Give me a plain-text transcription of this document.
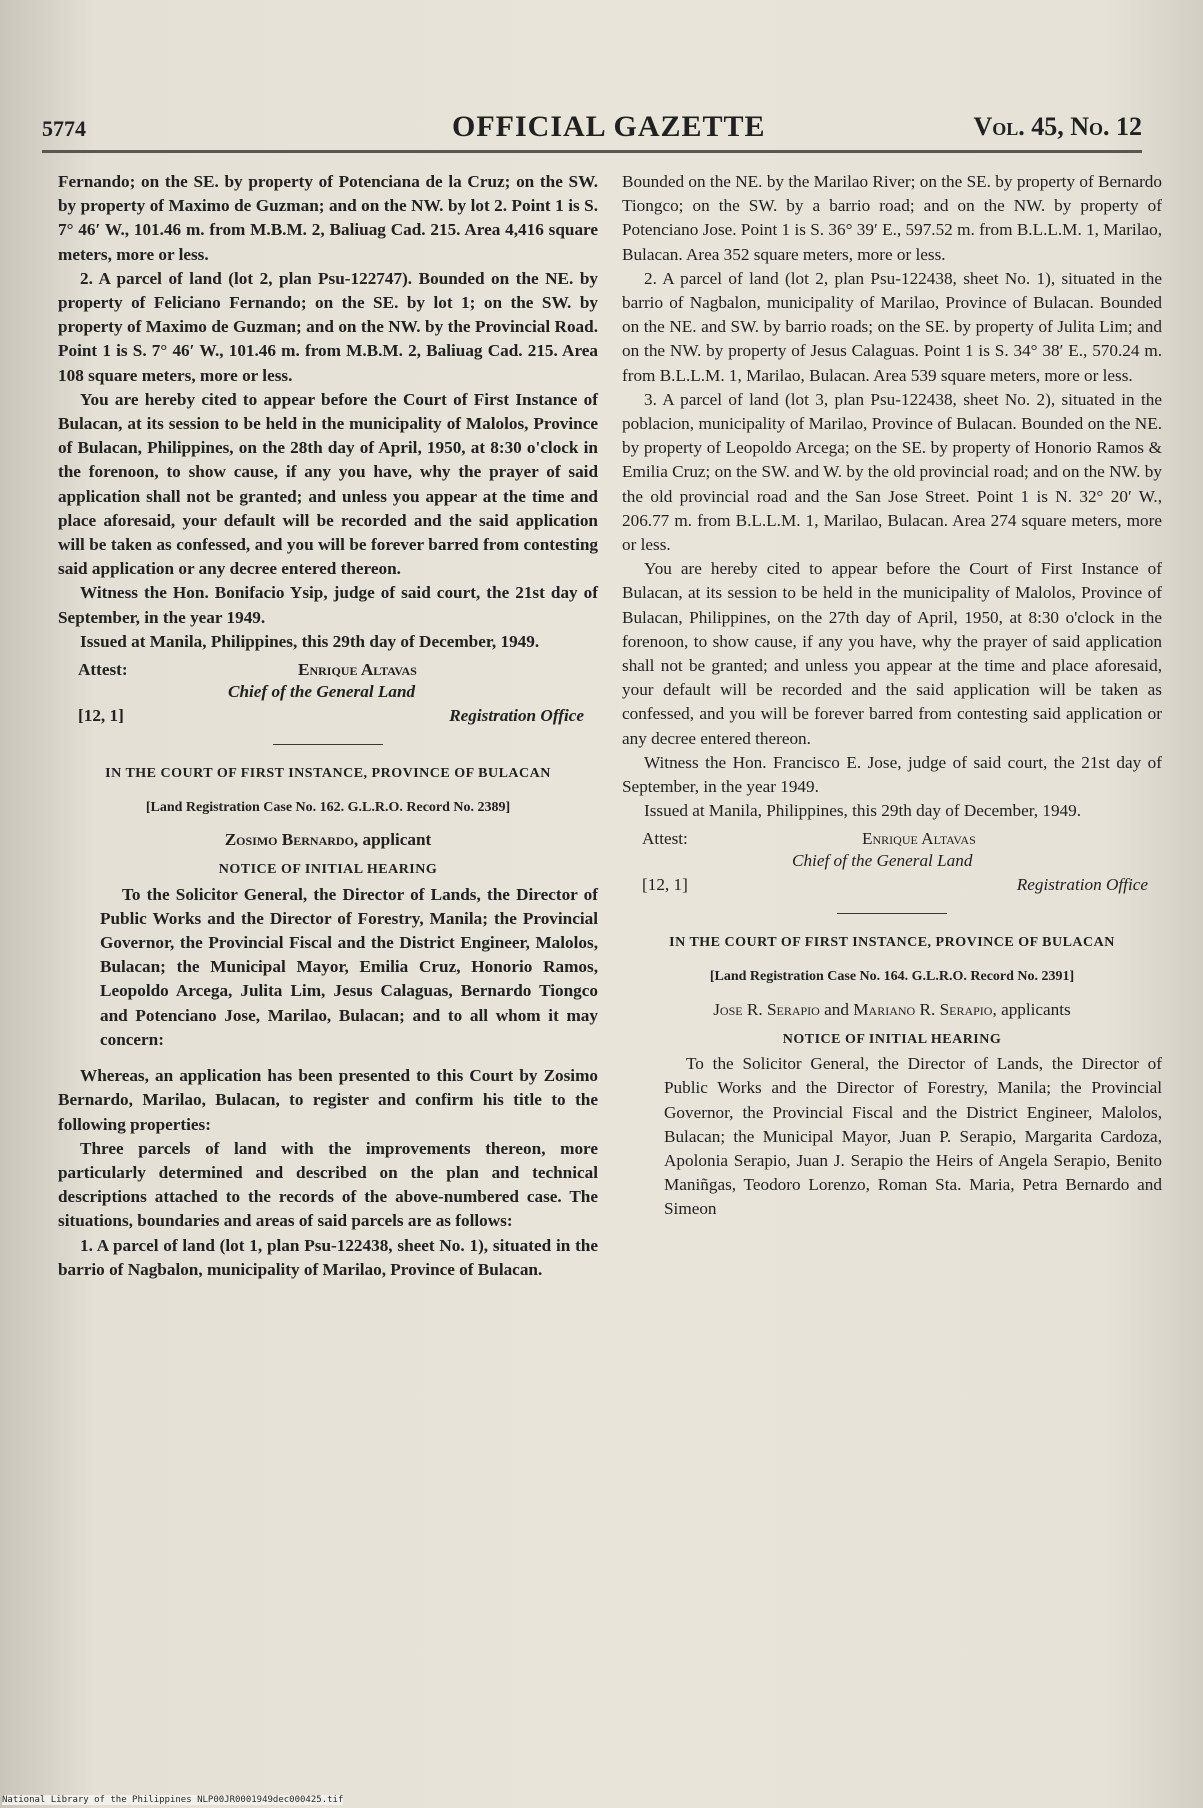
5774	OFFICIAL GAZETTE	Vol. 45, No. 12

Fernando; on the SE. by property of Potenciana de la Cruz; on the SW. by property of Maximo de Guzman; and on the NW. by lot 2. Point 1 is S. 7° 46′ W., 101.46 m. from M.B.M. 2, Baliuag Cad. 215. Area 4,416 square meters, more or less.

2. A parcel of land (lot 2, plan Psu-122747). Bounded on the NE. by property of Feliciano Fernando; on the SE. by lot 1; on the SW. by property of Maximo de Guzman; and on the NW. by the Provincial Road. Point 1 is S. 7° 46′ W., 101.46 m. from M.B.M. 2, Baliuag Cad. 215. Area 108 square meters, more or less.

You are hereby cited to appear before the Court of First Instance of Bulacan, at its session to be held in the municipality of Malolos, Province of Bulacan, Philippines, on the 28th day of April, 1950, at 8:30 o'clock in the forenoon, to show cause, if any you have, why the prayer of said application shall not be granted; and unless you appear at the time and place aforesaid, your default will be recorded and the said application will be taken as confessed, and you will be forever barred from contesting said application or any decree entered thereon.

Witness the Hon. Bonifacio Ysip, judge of said court, the 21st day of September, in the year 1949.

Issued at Manila, Philippines, this 29th day of December, 1949.

Attest:	Enrique Altavas
Chief of the General Land
[12, 1]	Registration Office
IN THE COURT OF FIRST INSTANCE, PROVINCE OF BULACAN
[Land Registration Case No. 162. G.L.R.O. Record No. 2389]
Zosimo Bernardo, applicant
NOTICE OF INITIAL HEARING

To the Solicitor General, the Director of Lands, the Director of Public Works and the Director of Forestry, Manila; the Provincial Governor, the Provincial Fiscal and the District Engineer, Malolos, Bulacan; the Municipal Mayor, Emilia Cruz, Honorio Ramos, Leopoldo Arcega, Julita Lim, Jesus Calaguas, Bernardo Tiongco and Potenciano Jose, Marilao, Bulacan; and to all whom it may concern:

Whereas, an application has been presented to this Court by Zosimo Bernardo, Marilao, Bulacan, to register and confirm his title to the following properties:

Three parcels of land with the improvements thereon, more particularly determined and described on the plan and technical descriptions attached to the records of the above-numbered case. The situations, boundaries and areas of said parcels are as follows:

1. A parcel of land (lot 1, plan Psu-122438, sheet No. 1), situated in the barrio of Nagbalon, municipality of Marilao, Province of Bulacan.

Bounded on the NE. by the Marilao River; on the SE. by property of Bernardo Tiongco; on the SW. by a barrio road; and on the NW. by property of Potenciano Jose. Point 1 is S. 36° 39′ E., 597.52 m. from B.L.L.M. 1, Marilao, Bulacan. Area 352 square meters, more or less.

2. A parcel of land (lot 2, plan Psu-122438, sheet No. 1), situated in the barrio of Nagbalon, municipality of Marilao, Province of Bulacan. Bounded on the NE. and SW. by barrio roads; on the SE. by property of Julita Lim; and on the NW. by property of Jesus Calaguas. Point 1 is S. 34° 38′ E., 570.24 m. from B.L.L.M. 1, Marilao, Bulacan. Area 539 square meters, more or less.

3. A parcel of land (lot 3, plan Psu-122438, sheet No. 2), situated in the poblacion, municipality of Marilao, Province of Bulacan. Bounded on the NE. by property of Leopoldo Arcega; on the SE. by property of Honorio Ramos & Emilia Cruz; on the SW. and W. by the old provincial road; and on the NW. by the old provincial road and the San Jose Street. Point 1 is N. 32° 20′ W., 206.77 m. from B.L.L.M. 1, Marilao, Bulacan. Area 274 square meters, more or less.

You are hereby cited to appear before the Court of First Instance of Bulacan, at its session to be held in the municipality of Malolos, Province of Bulacan, Philippines, on the 27th day of April, 1950, at 8:30 o'clock in the forenoon, to show cause, if any you have, why the prayer of said application shall not be granted; and unless you appear at the time and place aforesaid, your default will be recorded and the said application will be taken as confessed, and you will be forever barred from contesting said application or any decree entered thereon.

Witness the Hon. Francisco E. Jose, judge of said court, the 21st day of September, in the year 1949.

Issued at Manila, Philippines, this 29th day of December, 1949.

Attest:	Enrique Altavas
Chief of the General Land
[12, 1]	Registration Office
IN THE COURT OF FIRST INSTANCE, PROVINCE OF BULACAN
[Land Registration Case No. 164. G.L.R.O. Record No. 2391]
Jose R. Serapio and Mariano R. Serapio, applicants
NOTICE OF INITIAL HEARING

To the Solicitor General, the Director of Lands, the Director of Public Works and the Director of Forestry, Manila; the Provincial Governor, the Provincial Fiscal and the District Engineer, Malolos, Bulacan; the Municipal Mayor, Juan P. Serapio, Margarita Cardoza, Apolonia Serapio, Juan J. Serapio the Heirs of Angela Serapio, Benito Maniñgas, Teodoro Lorenzo, Roman Sta. Maria, Petra Bernardo and Simeon

National Library of the Philippines NLP00JR0001949dec000425.tif
